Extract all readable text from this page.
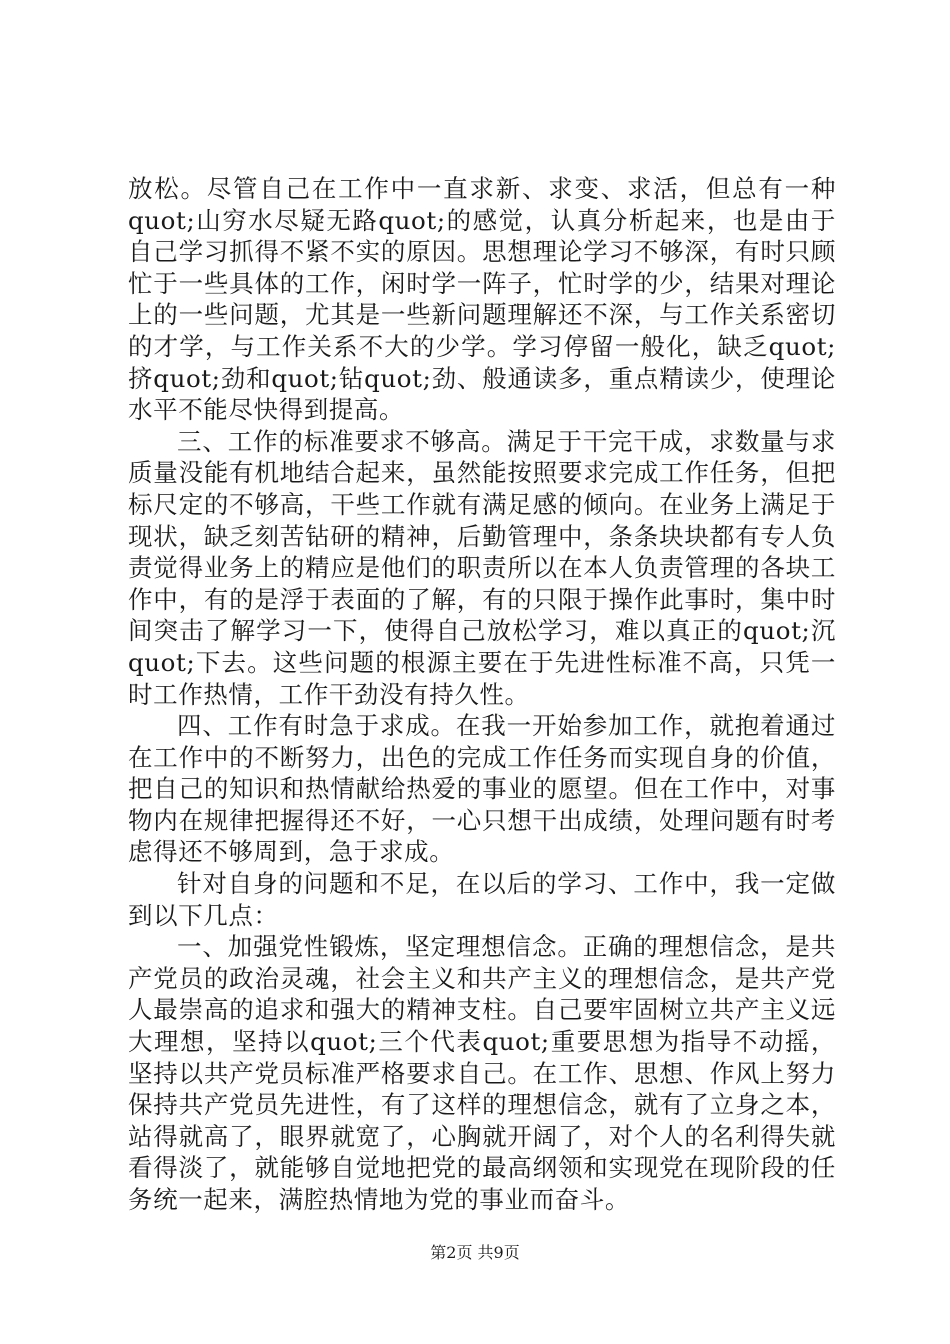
放松。尽管自己在工作中一直求新、求变、求活，但总有一种quot;山穷水尽疑无路quot;的感觉，认真分析起来，也是由于自己学习抓得不紧不实的原因。思想理论学习不够深，有时只顾忙于一些具体的工作，闲时学一阵子，忙时学的少，结果对理论上的一些问题，尤其是一些新问题理解还不深，与工作关系密切的才学，与工作关系不大的少学。学习停留一般化，缺乏quot;挤quot;劲和quot;钻quot;劲、般通读多，重点精读少，使理论水平不能尽快得到提高。

三、工作的标准要求不够高。满足于干完干成，求数量与求质量没能有机地结合起来，虽然能按照要求完成工作任务，但把标尺定的不够高，干些工作就有满足感的倾向。在业务上满足于现状，缺乏刻苦钻研的精神，后勤管理中，条条块块都有专人负责觉得业务上的精应是他们的职责所以在本人负责管理的各块工作中，有的是浮于表面的了解，有的只限于操作此事时，集中时间突击了解学习一下，使得自己放松学习，难以真正的quot;沉quot;下去。这些问题的根源主要在于先进性标准不高，只凭一时工作热情，工作干劲没有持久性。

四、工作有时急于求成。在我一开始参加工作，就抱着通过在工作中的不断努力，出色的完成工作任务而实现自身的价值，把自己的知识和热情献给热爱的事业的愿望。但在工作中，对事物内在规律把握得还不好，一心只想干出成绩，处理问题有时考虑得还不够周到，急于求成。

针对自身的问题和不足，在以后的学习、工作中，我一定做到以下几点：

一、加强党性锻炼，坚定理想信念。正确的理想信念，是共产党员的政治灵魂，社会主义和共产主义的理想信念，是共产党人最崇高的追求和强大的精神支柱。自己要牢固树立共产主义远大理想，坚持以quot;三个代表quot;重要思想为指导不动摇，坚持以共产党员标准严格要求自己。在工作、思想、作风上努力保持共产党员先进性，有了这样的理想信念，就有了立身之本，站得就高了，眼界就宽了，心胸就开阔了，对个人的名利得失就看得淡了，就能够自觉地把党的最高纲领和实现党在现阶段的任务统一起来，满腔热情地为党的事业而奋斗。

第2页 共9页
